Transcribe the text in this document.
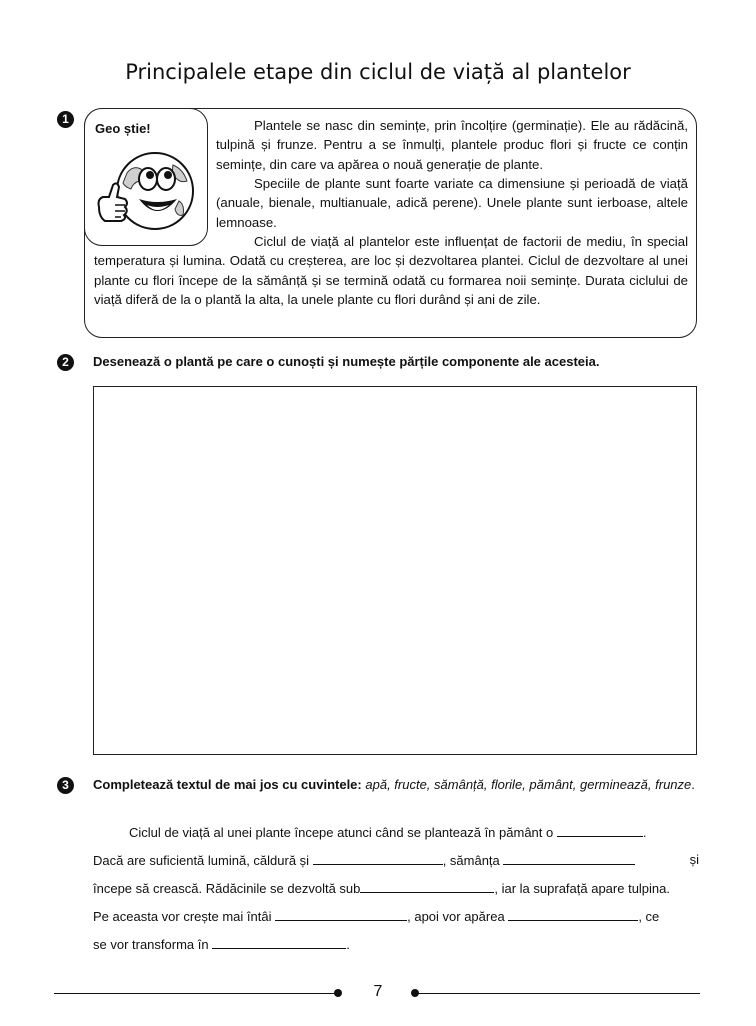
Principalele etape din ciclul de viață al plantelor
1
Geo știe!	Plantele se nasc din semințe, prin încolțire (germinație). Ele au rădăcină, tulpină și frunze. Pentru a se înmulți, plantele produc flori și fructe ce conțin semințe, din care va apărea o nouă generație de plante.
Speciile de plante sunt foarte variate ca dimensiune și perioadă de viață (anuale, bienale, multianuale, adică perene). Unele plante sunt ierboase, altele lemnoase.
Ciclul de viață al plantelor este influențat de factorii de mediu, în special temperatura și lumina. Odată cu creșterea, are loc și dezvoltarea plantei. Ciclul de dezvoltare al unei plante cu flori începe de la sămânță și se termină odată cu formarea noii semințe. Durata ciclului de viață diferă de la o plantă la alta, la unele plante cu flori durând și ani de zile.
2	Desenează o plantă pe care o cunoști și numește părțile componente ale acesteia.
3	Completează textul de mai jos cu cuvintele: apă, fructe, sămânță, florile, pământ, germinează, frunze.
Ciclul de viață al unei plante începe atunci când se plantează în pământ o	.
Dacă are suficientă lumină, căldură și	, sămânța	și
începe să crească. Rădăcinile se dezvoltă sub	, iar la suprafață apare tulpina.
Pe aceasta vor crește mai întâi	, apoi vor apărea	, ce
se vor transforma în	.
7
